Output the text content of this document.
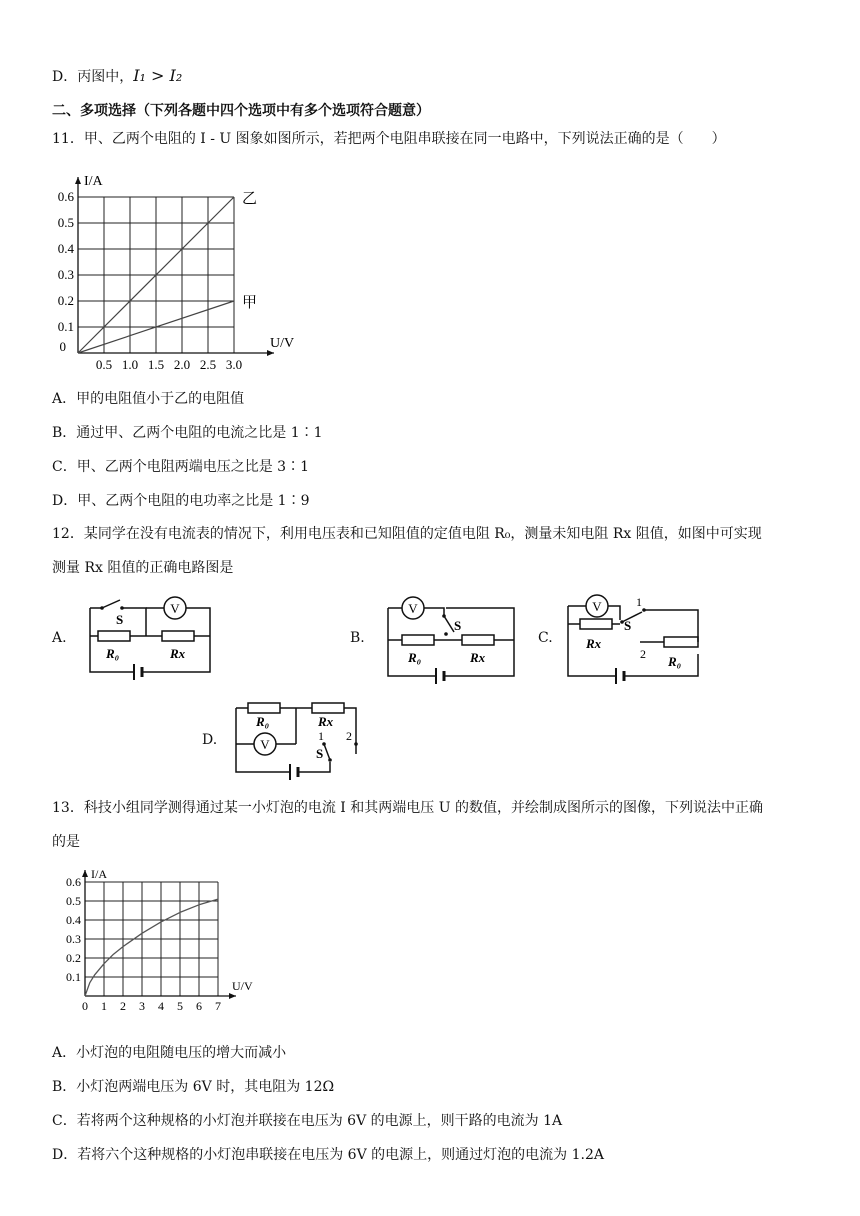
D．丙图中，I₁ > I₂
二、多项选择（下列各题中四个选项中有多个选项符合题意）
11．甲、乙两个电阻的 I - U 图象如图所示，若把两个电阻串联接在同一电路中，下列说法正确的是（　　）
I/A
U/V
0.5 1.0 1.5 2.0 2.5 3.0
0.6
0.5
0.4
0.3
0.2
0.1
0
乙
甲
A．甲的电阻值小于乙的电阻值
B．通过甲、乙两个电阻的电流之比是 1∶1
C．甲、乙两个电阻两端电压之比是 3∶1
D．甲、乙两个电阻的电功率之比是 1∶9
12．某同学在没有电流表的情况下，利用电压表和已知阻值的定值电阻 R₀，测量未知电阻 Rx 阻值，如图中可实现
测量 Rx 阻值的正确电路图是
A.
V
S
R₀	Rx
B.
V
S
R₀	Rx
C.
V
S
1
2
Rx
R₀
D.	V
S
1 2
R₀	Rx
13．科技小组同学测得通过某一小灯泡的电流 I 和其两端电压 U 的数值，并绘制成图所示的图像，下列说法中正确
的是
I/A
U/V
0 1 2 3 4 5 6 7
0.6
0.5
0.4
0.3
0.2
0.1
A．小灯泡的电阻随电压的增大而减小
B．小灯泡两端电压为 6V 时，其电阻为 12Ω
C．若将两个这种规格的小灯泡并联接在电压为 6V 的电源上，则干路的电流为 1A
D．若将六个这种规格的小灯泡串联接在电压为 6V 的电源上，则通过灯泡的电流为 1.2A
